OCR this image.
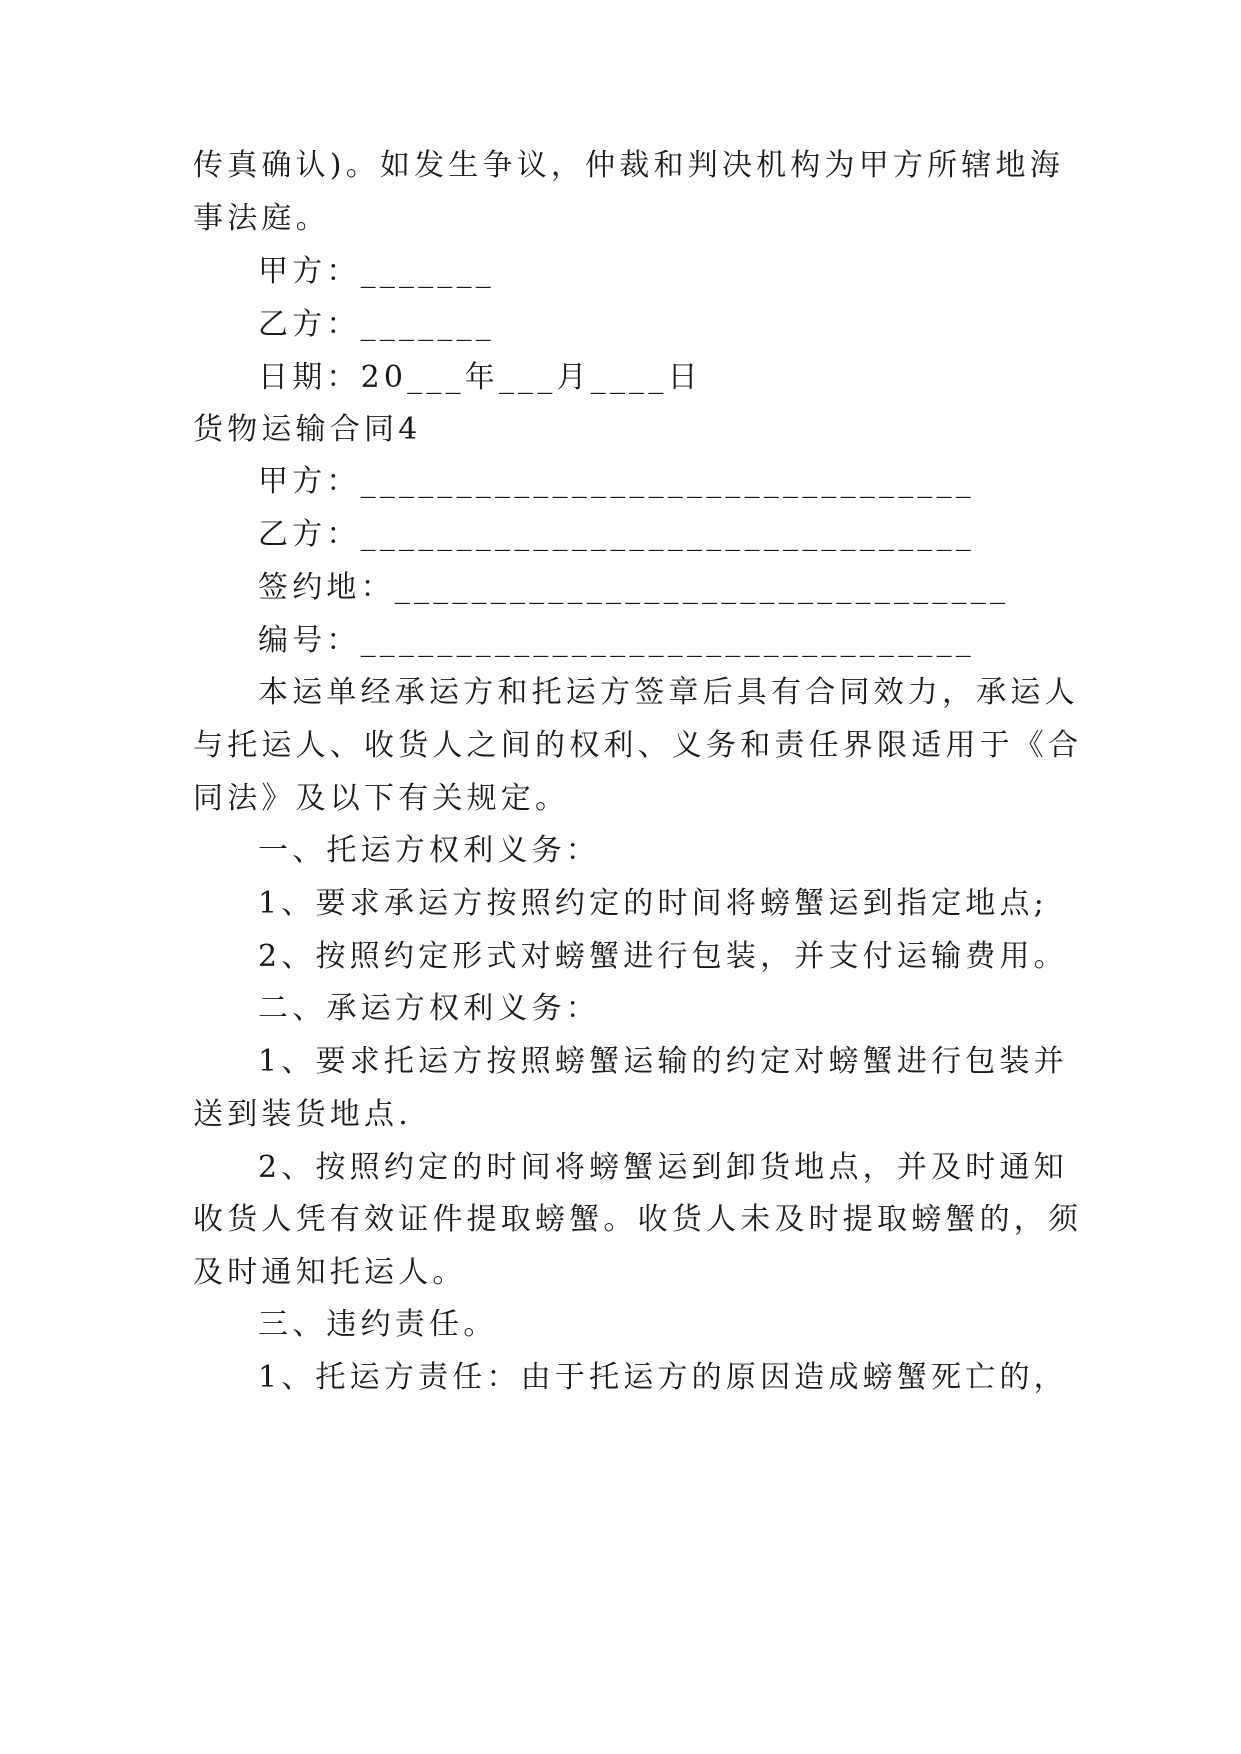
传真确认)。如发生争议，仲裁和判决机构为甲方所辖地海
事法庭。
甲方：_______
乙方：_______
日期：20___年___月____日
货物运输合同4
甲方：________________________________
乙方：________________________________
签约地：________________________________
编号：________________________________
本运单经承运方和托运方签章后具有合同效力，承运人
与托运人、收货人之间的权利、义务和责任界限适用于《合
同法》及以下有关规定。
一、托运方权利义务：
1、要求承运方按照约定的时间将螃蟹运到指定地点;
2、按照约定形式对螃蟹进行包装，并支付运输费用。
二、承运方权利义务：
1、要求托运方按照螃蟹运输的约定对螃蟹进行包装并
送到装货地点.
2、按照约定的时间将螃蟹运到卸货地点，并及时通知
收货人凭有效证件提取螃蟹。收货人未及时提取螃蟹的，须
及时通知托运人。
三、违约责任。
1、托运方责任：由于托运方的原因造成螃蟹死亡的，
